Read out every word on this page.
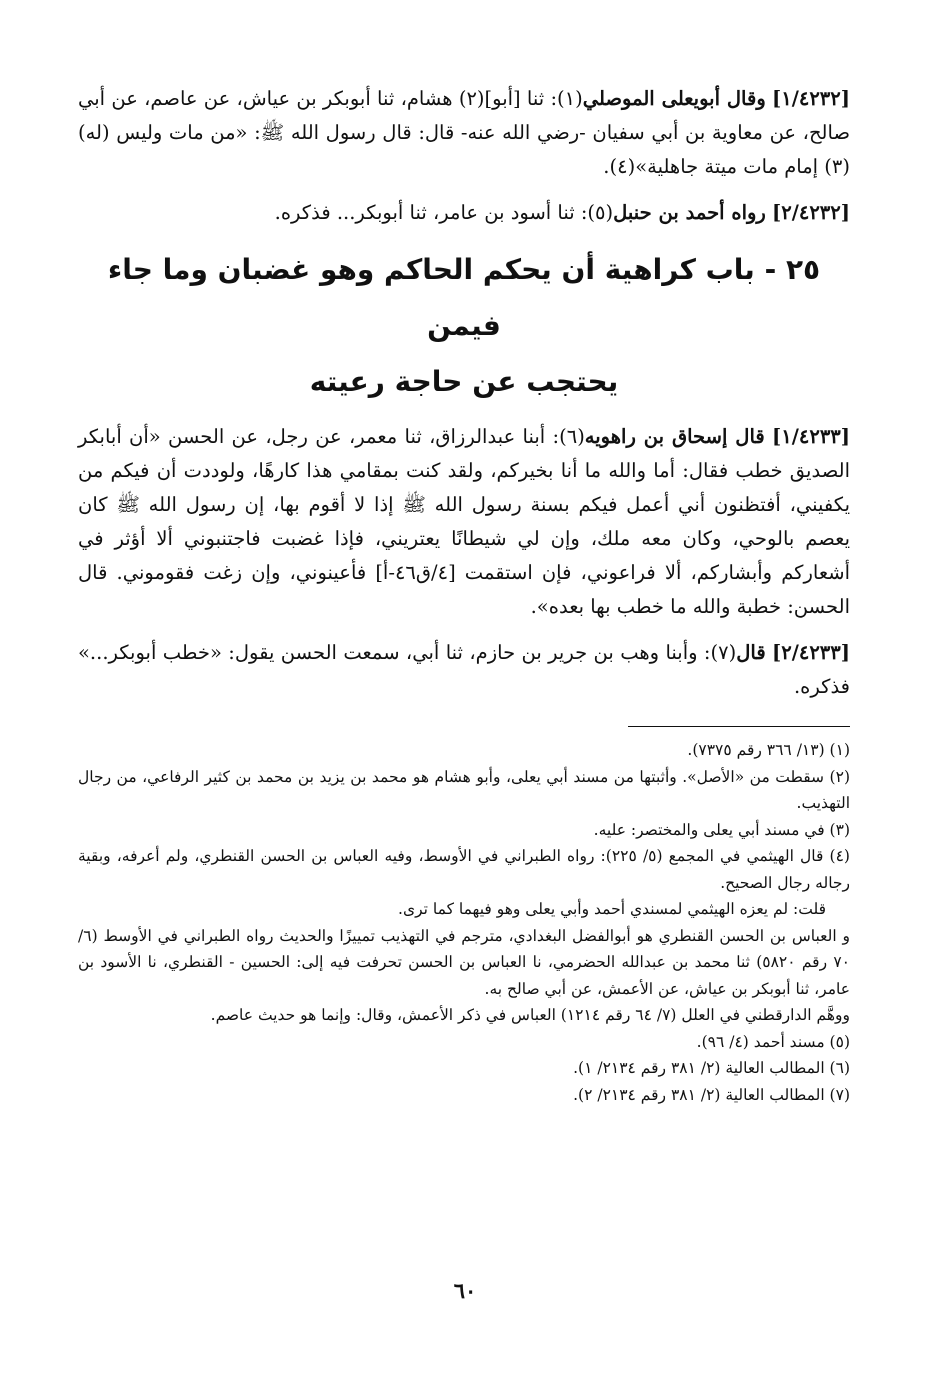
[١/٤٢٣٢] وقال أبويعلى الموصلي(١): ثنا [أبو](٢) هشام، ثنا أبوبكر بن عياش، عن عاصم، عن أبي صالح، عن معاوية بن أبي سفيان -رضي الله عنه- قال: قال رسول الله ﷺ: «من مات وليس (له)(٣) إمام مات ميتة جاهلية»(٤).

[٢/٤٢٣٢] رواه أحمد بن حنبل(٥): ثنا أسود بن عامر، ثنا أبوبكر... فذكره.

٢٥ - باب كراهية أن يحكم الحاكم وهو غضبان وما جاء فيمن
يحتجب عن حاجة رعيته

[١/٤٢٣٣] قال إسحاق بن راهويه(٦): أبنا عبدالرزاق، ثنا معمر، عن رجل، عن الحسن «أن أبابكر الصديق خطب فقال: أما والله ما أنا بخيركم، ولقد كنت بمقامي هذا كارهًا، ولوددت أن فيكم من يكفيني، أفتظنون أني أعمل فيكم بسنة رسول الله ﷺ إذا لا أقوم بها، إن رسول الله ﷺ كان يعصم بالوحي، وكان معه ملك، وإن لي شيطانًا يعتريني، فإذا غضبت فاجتنبوني ألا أؤثر في أشعاركم وأبشاركم، ألا فراعوني، فإن استقمت [٤/ق٤٦-أ] فأعينوني، وإن زغت فقوموني. قال الحسن: خطبة والله ما خطب بها بعده».

[٢/٤٢٣٣] قال(٧): وأبنا وهب بن جرير بن حازم، ثنا أبي، سمعت الحسن يقول: «خطب أبوبكر...» فذكره.

(١) (١٣/ ٣٦٦ رقم ٧٣٧٥).

(٢) سقطت من «الأصل». وأثبتها من مسند أبي يعلى، وأبو هشام هو محمد بن يزيد بن محمد بن كثير الرفاعي، من رجال التهذيب.

(٣) في مسند أبي يعلى والمختصر: عليه.

(٤) قال الهيثمي في المجمع (٥/ ٢٢٥): رواه الطبراني في الأوسط، وفيه العباس بن الحسن القنطري، ولم أعرفه، وبقية رجاله رجال الصحيح.

قلت: لم يعزه الهيثمي لمسندي أحمد وأبي يعلى وهو فيهما كما ترى.

و العباس بن الحسن القنطري هو أبوالفضل البغدادي، مترجم في التهذيب تمييزًا والحديث رواه الطبراني في الأوسط (٦/ ٧٠ رقم ٥٨٢٠) ثنا محمد بن عبدالله الحضرمي، نا العباس بن الحسن تحرفت فيه إلى: الحسين - القنطري، نا الأسود بن عامر، ثنا أبوبكر بن عياش، عن الأعمش، عن أبي صالح به.

ووهَّم الدارقطني في العلل (٧/ ٦٤ رقم ١٢١٤) العباس في ذكر الأعمش، وقال: وإنما هو حديث عاصم.

(٥) مسند أحمد (٤/ ٩٦).

(٦) المطالب العالية (٢/ ٣٨١ رقم ٢١٣٤/ ١).

(٧) المطالب العالية (٢/ ٣٨١ رقم ٢١٣٤/ ٢).

٦٠
